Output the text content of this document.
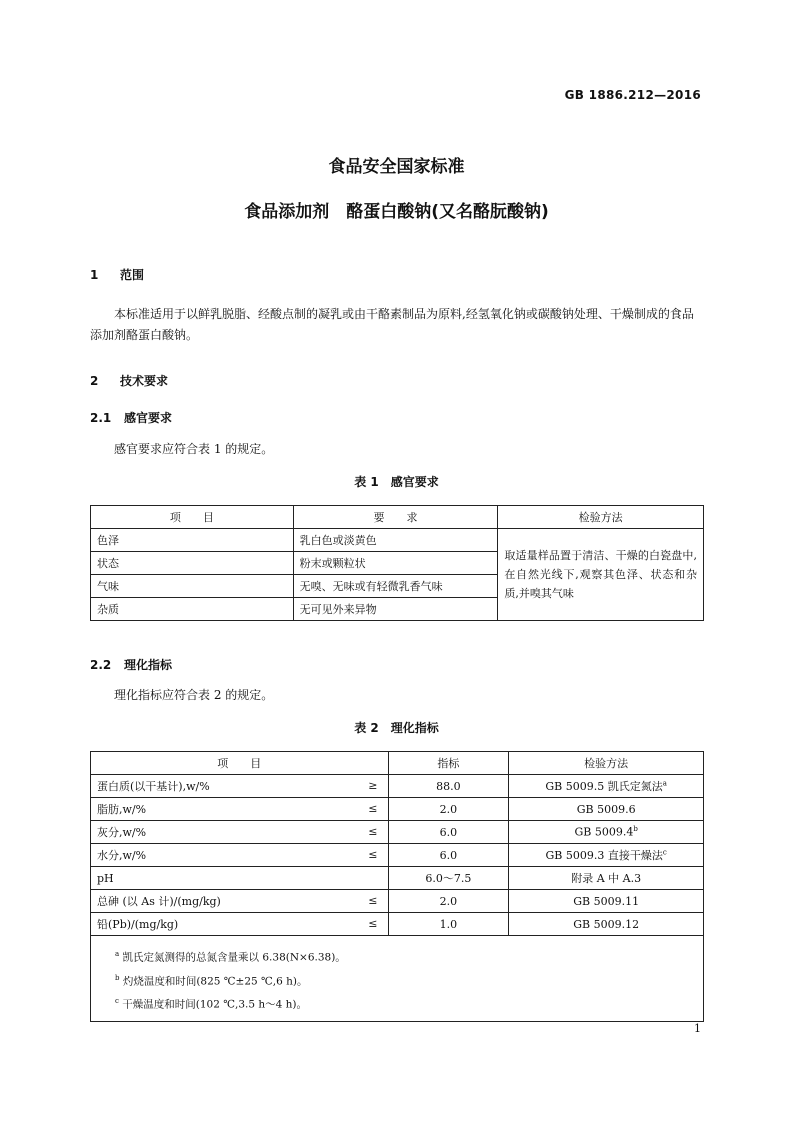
GB 1886.212—2016
食品安全国家标准
食品添加剂　酪蛋白酸钠(又名酪朊酸钠)
1 范围
本标准适用于以鲜乳脱脂、经酸点制的凝乳或由干酪素制品为原料,经氢氧化钠或碳酸钠处理、干燥制成的食品添加剂酪蛋白酸钠。
2 技术要求
2.1 感官要求
感官要求应符合表 1 的规定。
表 1　感官要求
项　　目	要　　求	检验方法
色泽	乳白色或淡黄色	取适量样品置于清洁、干燥的白瓷盘中,在自然光线下,观察其色泽、状态和杂质,并嗅其气味
状态	粉末或颗粒状	
气味	无嗅、无味或有轻微乳香气味	
杂质	无可见外来异物	
2.2 理化指标
理化指标应符合表 2 的规定。
表 2　理化指标
项　　目	指标	检验方法
蛋白质(以干基计),w/% ≥	88.0	GB 5009.5 凯氏定氮法$^a$
脂肪,w/% ≤	2.0	GB 5009.6
灰分,w/% ≤	6.0	GB 5009.4$^b$
水分,w/% ≤	6.0	GB 5009.3 直接干燥法$^c$
pH	6.0～7.5	附录 A 中 A.3
总砷 (以 As 计)/(mg/kg) ≤	2.0	GB 5009.11
铅(Pb)/(mg/kg) ≤	1.0	GB 5009.12

$^a$ 凯氏定氮测得的总氮含量乘以 6.38(N×6.38)。
$^b$ 灼烧温度和时间(825 ℃±25 ℃,6 h)。
$^c$ 干燥温度和时间(102 ℃,3.5 h～4 h)。		
1
